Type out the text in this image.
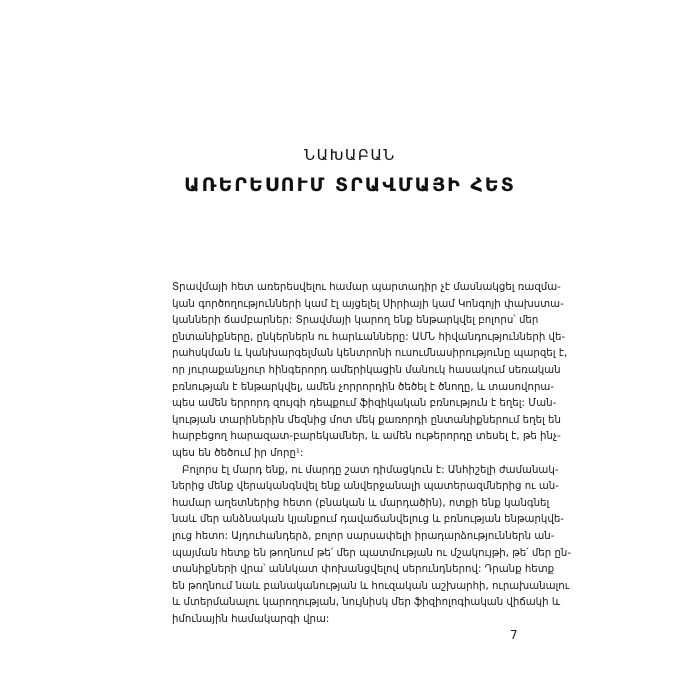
ՆԱԽԱԲԱՆ
ԱՌԵՐԵՍՈՒՄ ՏՐԱՎՄԱՅԻ ՀԵՏ

Տրավմայի հետ առերեսվելու համար պարտադիր չէ մասնակցել ռազմա-
կան գործողությունների կամ էլ այցելել Սիրիայի կամ Կոնգոյի փախստա-
կանների ճամբարներ: Տրավմայի կարող ենք ենթարկվել բոլորս՝ մեր
ընտանիքները, ընկերներն ու հարևանները: ԱՄՆ հիվանդությունների վե-
րահսկման և կանխարգելման կենտրոնի ուսումնասիրությունը պարզել է,
որ յուրաքանչյուր հինգերորդ ամերիկացին մանուկ հասակում սեռական
բռնության է ենթարկվել, ամեն չորրորդին ծեծել է ծնողը, և տասովորա-
պես ամեն երրորդ զույգի դեպքում ֆիզիկական բռնություն է եղել: Ման-
կության տարիներին մեզնից մոտ մեկ քառորդի ընտանիքներում եղել են
հարբեցող հարազատ-բարեկամներ, և ամեն ութերորդը տեսել է, թե ինչ-
պես են ծեծում իր մորը¹:

Բոլորս էլ մարդ ենք, ու մարդը շատ դիմացկուն է: Անհիշելի ժամանակ-
ներից մենք վերականգնվել ենք անվերջանալի պատերազմներից ու ան-
համար աղետներից հետո (բնական և մարդածին), ոտքի ենք կանգնել
նաև մեր անձնական կյանքում դավաճանվելուց և բռնության ենթարկվե-
լուց հետո: Այդուհանդերձ, բոլոր սարսափելի իրադարձություններն ան-
պայման հետք են թողնում թե՛ մեր պատմության ու մշակույթի, թե՛ մեր ըն-
տանիքների վրա՝ աննկատ փոխանցվելով սերունդներով: Դրանք հետք
են թողնում նաև բանականության և հուզական աշխարհի, ուրախանալու
և մտերմանալու կարողության, նույնիսկ մեր ֆիզիոլոգիական վիճակի և
իմունային համակարգի վրա:

7
